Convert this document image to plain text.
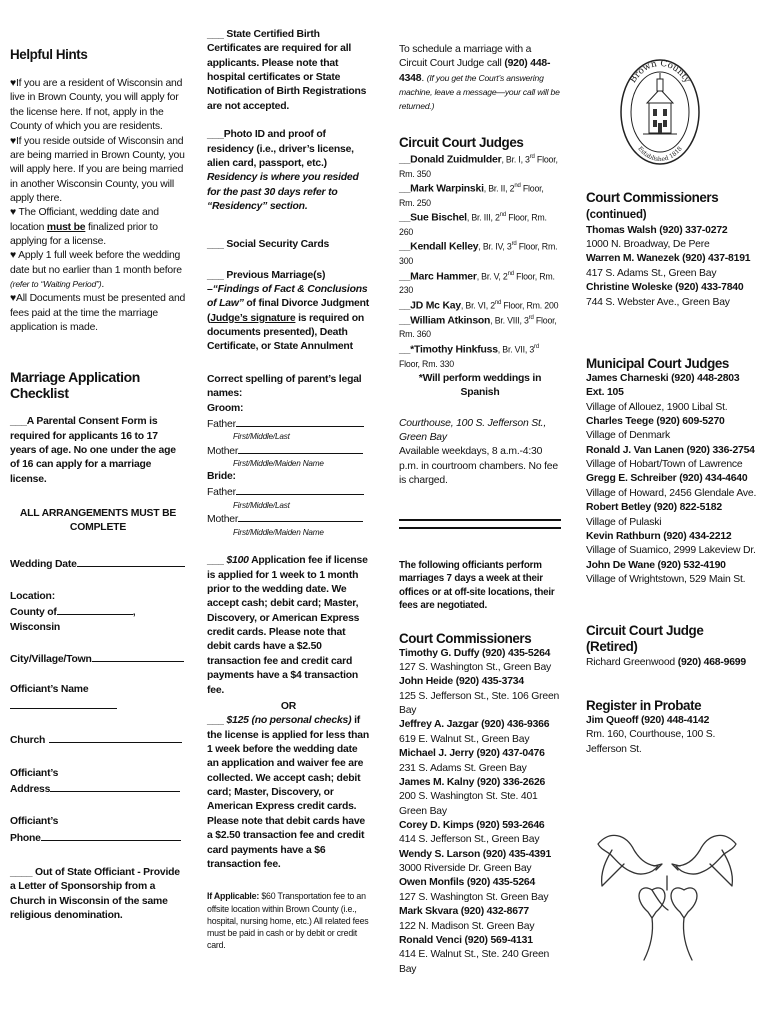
Helpful Hints

♥If you are a resident of Wisconsin and live in Brown County, you will apply for the license here. If not, apply in the County of which you are residents.

♥If you reside outside of Wisconsin and are being married in Brown County, you will apply here. If you are being married in another Wisconsin County, you will apply there.

♥ The Officiant, wedding date and location must be finalized prior to applying for a license.

♥ Apply 1 full week before the wedding date but no earlier than 1 month before (refer to “Waiting Period”).

♥All Documents must be presented and fees paid at the time the marriage application is made.

Marriage Application Checklist

___A Parental Consent Form is required for applicants 16 to 17 years of age. No one under the age of 16 can apply for a marriage license.

ALL ARRANGEMENTS MUST BE COMPLETE

Wedding Date

Location:

County of	, Wisconsin

City/Village/Town

Officiant’s Name

Church

Officiant’s

Address

Officiant’s

Phone

____ Out of State Officiant - Provide a Letter of Sponsorship from a Church in Wisconsin of the same religious denomination.

___ State Certified Birth Certificates are required for all applicants. Please note that hospital certificates or State Notification of Birth Registrations are not accepted.

___Photo ID and proof of residency (i.e., driver’s license, alien card, passport, etc.)

Residency is where you resided for the past 30 days refer to “Residency” section.

___ Social Security Cards

___ Previous Marriage(s) –“Findings of Fact & Conclusions of Law” of final Divorce Judgment (Judge’s signature is required on documents presented), Death Certificate, or State Annulment

Correct spelling of parent’s legal names:

Groom:

Father

First/Middle/Last

Mother

First/Middle/Maiden Name

Bride:

Father

First/Middle/Last

Mother

First/Middle/Maiden Name

___ $100 Application fee if license is applied for 1 week to 1 month prior to the wedding date. We accept cash; debit card; Master, Discovery, or American Express credit cards. Please note that debit cards have a $2.50 transaction fee and credit card payments have a $4 transaction fee.

OR

___ $125 (no personal checks) if the license is applied for less than 1 week before the wedding date an application and waiver fee are collected. We accept cash; debit card; Master, Discovery, or American Express credit cards. Please note that debit cards have a $2.50 transaction fee and credit card payments have a $6 transaction fee.

If Applicable: $60 Transportation fee to an offsite location within Brown County (i.e., hospital, nursing home, etc.) All related fees must be paid in cash or by debit or credit card.

To schedule a marriage with a Circuit Court Judge call (920) 448-4348. (If you get the Court’s answering machine, leave a message—your call will be returned.)

Circuit Court Judges

__Donald Zuidmulder, Br. I, 3rd Floor, Rm. 350

__Mark Warpinski, Br. II, 2nd Floor, Rm. 250

__Sue Bischel, Br. III, 2nd Floor, Rm. 260

__Kendall Kelley, Br. IV, 3rd Floor, Rm. 300

__Marc Hammer, Br. V, 2nd Floor, Rm. 230

__JD Mc Kay, Br. VI, 2nd Floor, Rm. 200

__William Atkinson, Br. VIII, 3rd Floor, Rm. 360

__*Timothy Hinkfuss, Br. VII, 3rd Floor, Rm. 330

*Will perform weddings in Spanish

Courthouse, 100 S. Jefferson St., Green Bay

Available weekdays, 8 a.m.-4:30 p.m. in courtroom chambers. No fee is charged.

The following officiants perform marriages 7 days a week at their offices or at off-site locations, their fees are negotiated.

Court Commissioners

Timothy G. Duffy (920) 435-5264

127 S. Washington St., Green Bay

John Heide (920) 435-3734

125 S. Jefferson St., Ste. 106 Green Bay

Jeffrey A. Jazgar (920) 436-9366

619 E. Walnut St., Green Bay

Michael J. Jerry (920) 437-0476

231 S. Adams St. Green Bay

James M. Kalny (920) 336-2626

200 S. Washington St. Ste. 401 Green Bay

Corey D. Kimps (920) 593-2646

414 S. Jefferson St., Green Bay

Wendy S. Larson (920) 435-4391

3000 Riverside Dr. Green Bay

Owen Monfils (920) 435-5264

127 S. Washington St. Green Bay

Mark Skvara (920) 432-8677

122 N. Madison St. Green Bay

Ronald Venci (920) 569-4131

414 E. Walnut St., Ste. 240 Green Bay

Brown County
Established 1818

Court Commissioners (continued)

Thomas Walsh (920) 337-0272

1000 N. Broadway, De Pere

Warren M. Wanezek (920) 437-8191

417 S. Adams St., Green Bay

Christine Woleske (920) 433-7840

744 S. Webster Ave., Green Bay

Municipal Court Judges

James Charneski (920) 448-2803 Ext. 105

Village of Allouez, 1900 Libal St.

Charles Teege (920) 609-5270

Village of Denmark

Ronald J. Van Lanen (920) 336-2754

Village of Hobart/Town of Lawrence

Gregg E. Schreiber (920) 434-4640

Village of Howard, 2456 Glendale Ave.

Robert Betley (920) 822-5182

Village of Pulaski

Kevin Rathburn (920) 434-2212

Village of Suamico, 2999 Lakeview Dr.

John De Wane (920) 532-4190

Village of Wrightstown, 529 Main St.

Circuit Court Judge (Retired)

Richard Greenwood (920) 468-9699

Register in Probate

Jim Queoff (920) 448-4142

Rm. 160, Courthouse, 100 S. Jefferson St.
